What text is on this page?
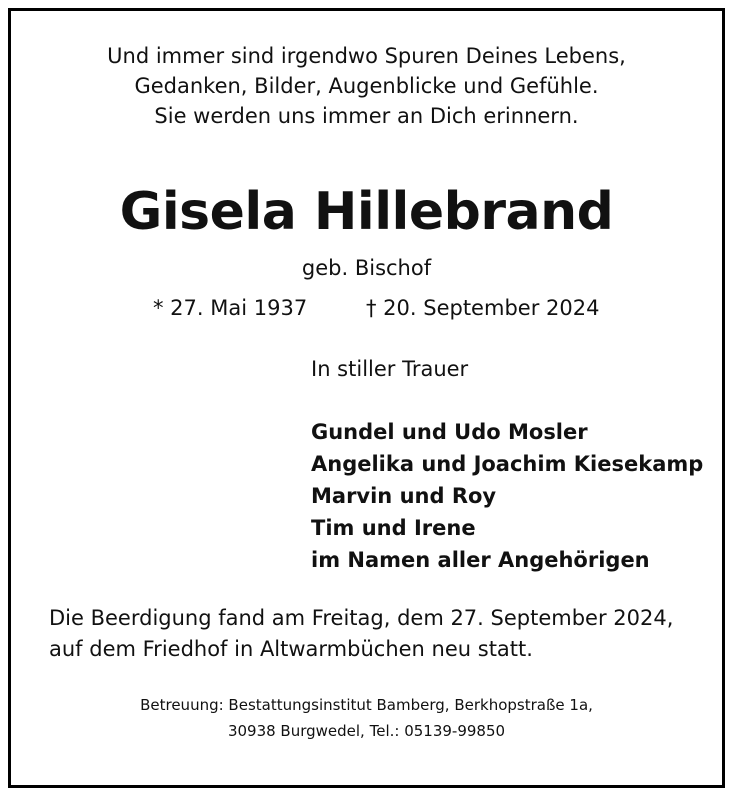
Und immer sind irgendwo Spuren Deines Lebens,
Gedanken, Bilder, Augenblicke und Gefühle.
Sie werden uns immer an Dich erinnern.
Gisela Hillebrand
geb. Bischof
* 27. Mai 1937	† 20. September 2024
In stiller Trauer
Gundel und Udo Mosler
Angelika und Joachim Kiesekamp
Marvin und Roy
Tim und Irene
im Namen aller Angehörigen
Die Beerdigung fand am Freitag, dem 27. September 2024,
auf dem Friedhof in Altwarmbüchen neu statt.
Betreuung: Bestattungsinstitut Bamberg, Berkhopstraße 1a,
30938 Burgwedel, Tel.: 05139-99850
